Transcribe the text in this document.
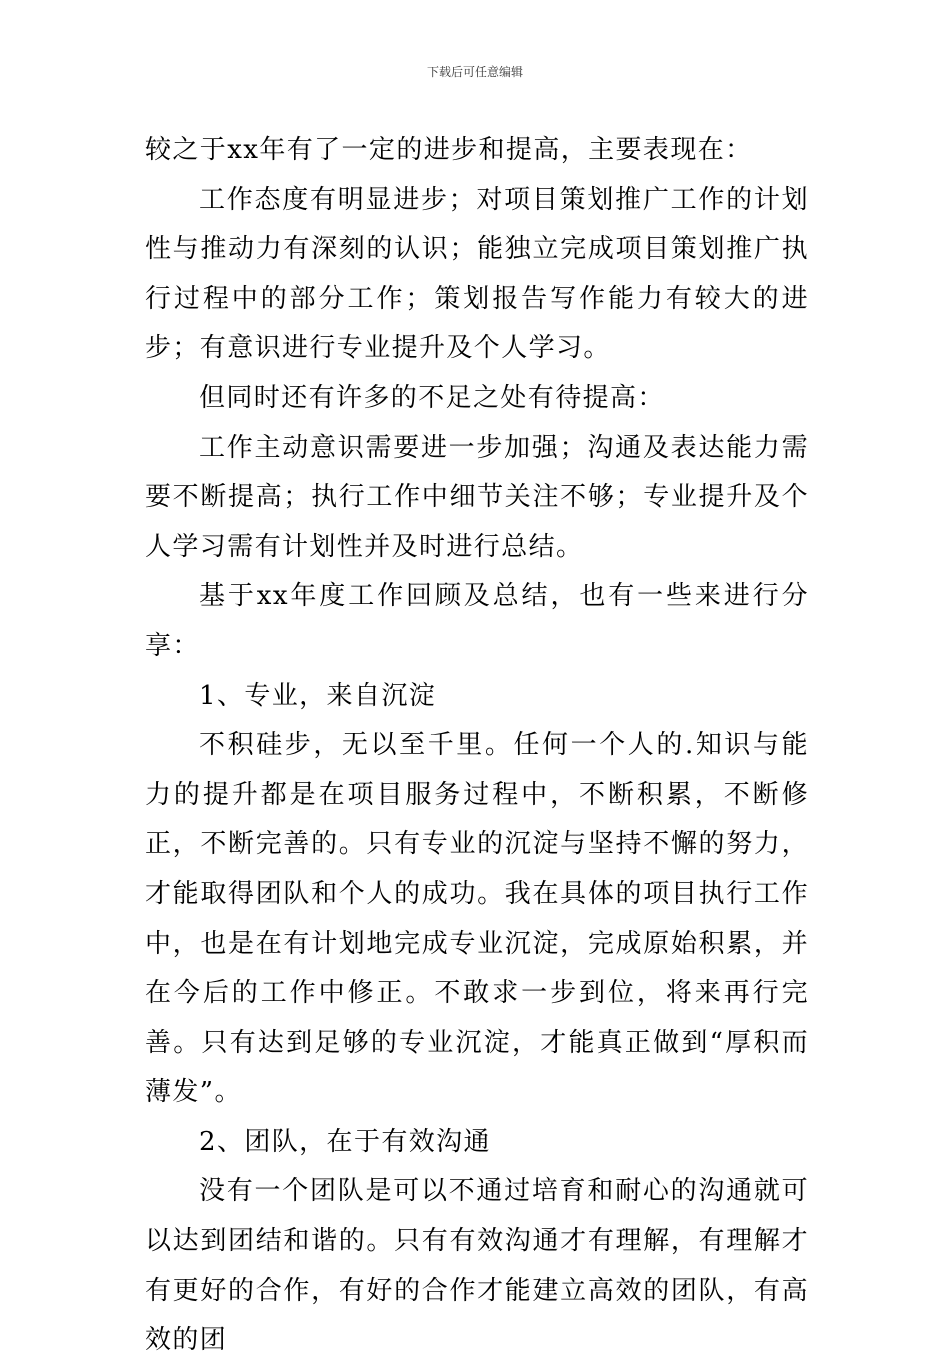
下载后可任意编辑

较之于xx年有了一定的进步和提高，主要表现在：

工作态度有明显进步；对项目策划推广工作的计划性与推动力有深刻的认识；能独立完成项目策划推广执行过程中的部分工作；策划报告写作能力有较大的进步；有意识进行专业提升及个人学习。

但同时还有许多的不足之处有待提高：

工作主动意识需要进一步加强；沟通及表达能力需要不断提高；执行工作中细节关注不够；专业提升及个人学习需有计划性并及时进行总结。

基于xx年度工作回顾及总结，也有一些来进行分享：

1、专业，来自沉淀

不积硅步，无以至千里。任何一个人的.知识与能力的提升都是在项目服务过程中，不断积累，不断修正，不断完善的。只有专业的沉淀与坚持不懈的努力，才能取得团队和个人的成功。我在具体的项目执行工作中，也是在有计划地完成专业沉淀，完成原始积累，并在今后的工作中修正。不敢求一步到位，将来再行完善。只有达到足够的专业沉淀，才能真正做到“厚积而薄发”。

2、团队，在于有效沟通

没有一个团队是可以不通过培育和耐心的沟通就可以达到团结和谐的。只有有效沟通才有理解，有理解才有更好的合作，有好的合作才能建立高效的团队，有高效的团
